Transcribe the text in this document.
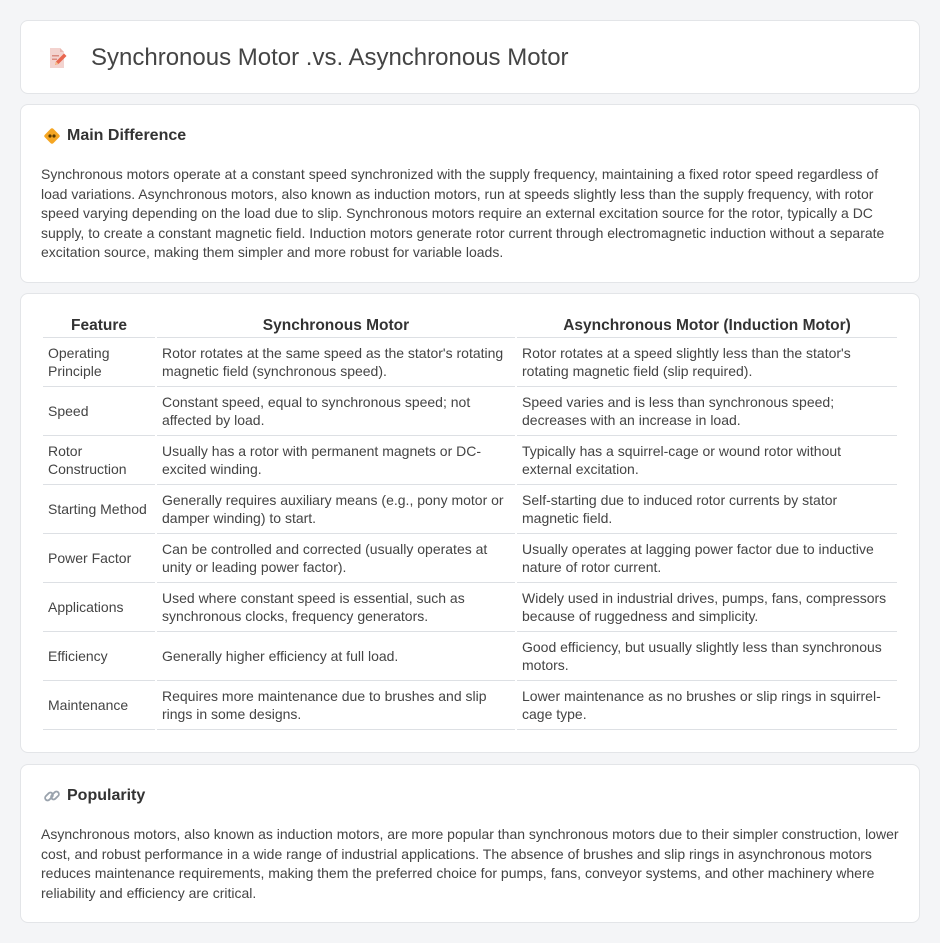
Synchronous Motor .vs. Asynchronous Motor
Main Difference

Synchronous motors operate at a constant speed synchronized with the supply frequency, maintaining a fixed rotor speed regardless of load variations. Asynchronous motors, also known as induction motors, run at speeds slightly less than the supply frequency, with rotor speed varying depending on the load due to slip. Synchronous motors require an external excitation source for the rotor, typically a DC supply, to create a constant magnetic field. Induction motors generate rotor current through electromagnetic induction without a separate excitation source, making them simpler and more robust for variable loads.

Feature	Synchronous Motor	Asynchronous Motor (Induction Motor)
Operating Principle	Rotor rotates at the same speed as the stator's rotating magnetic field (synchronous speed).	Rotor rotates at a speed slightly less than the stator's rotating magnetic field (slip required).
Speed	Constant speed, equal to synchronous speed; not affected by load.	Speed varies and is less than synchronous speed; decreases with an increase in load.
Rotor Construction	Usually has a rotor with permanent magnets or DC-excited winding.	Typically has a squirrel-cage or wound rotor without external excitation.
Starting Method	Generally requires auxiliary means (e.g., pony motor or damper winding) to start.	Self-starting due to induced rotor currents by stator magnetic field.
Power Factor	Can be controlled and corrected (usually operates at unity or leading power factor).	Usually operates at lagging power factor due to inductive nature of rotor current.
Applications	Used where constant speed is essential, such as synchronous clocks, frequency generators.	Widely used in industrial drives, pumps, fans, compressors because of ruggedness and simplicity.
Efficiency	Generally higher efficiency at full load.	Good efficiency, but usually slightly less than synchronous motors.
Maintenance	Requires more maintenance due to brushes and slip rings in some designs.	Lower maintenance as no brushes or slip rings in squirrel-cage type.
Popularity

Asynchronous motors, also known as induction motors, are more popular than synchronous motors due to their simpler construction, lower cost, and robust performance in a wide range of industrial applications. The absence of brushes and slip rings in asynchronous motors reduces maintenance requirements, making them the preferred choice for pumps, fans, conveyor systems, and other machinery where reliability and efficiency are critical.
